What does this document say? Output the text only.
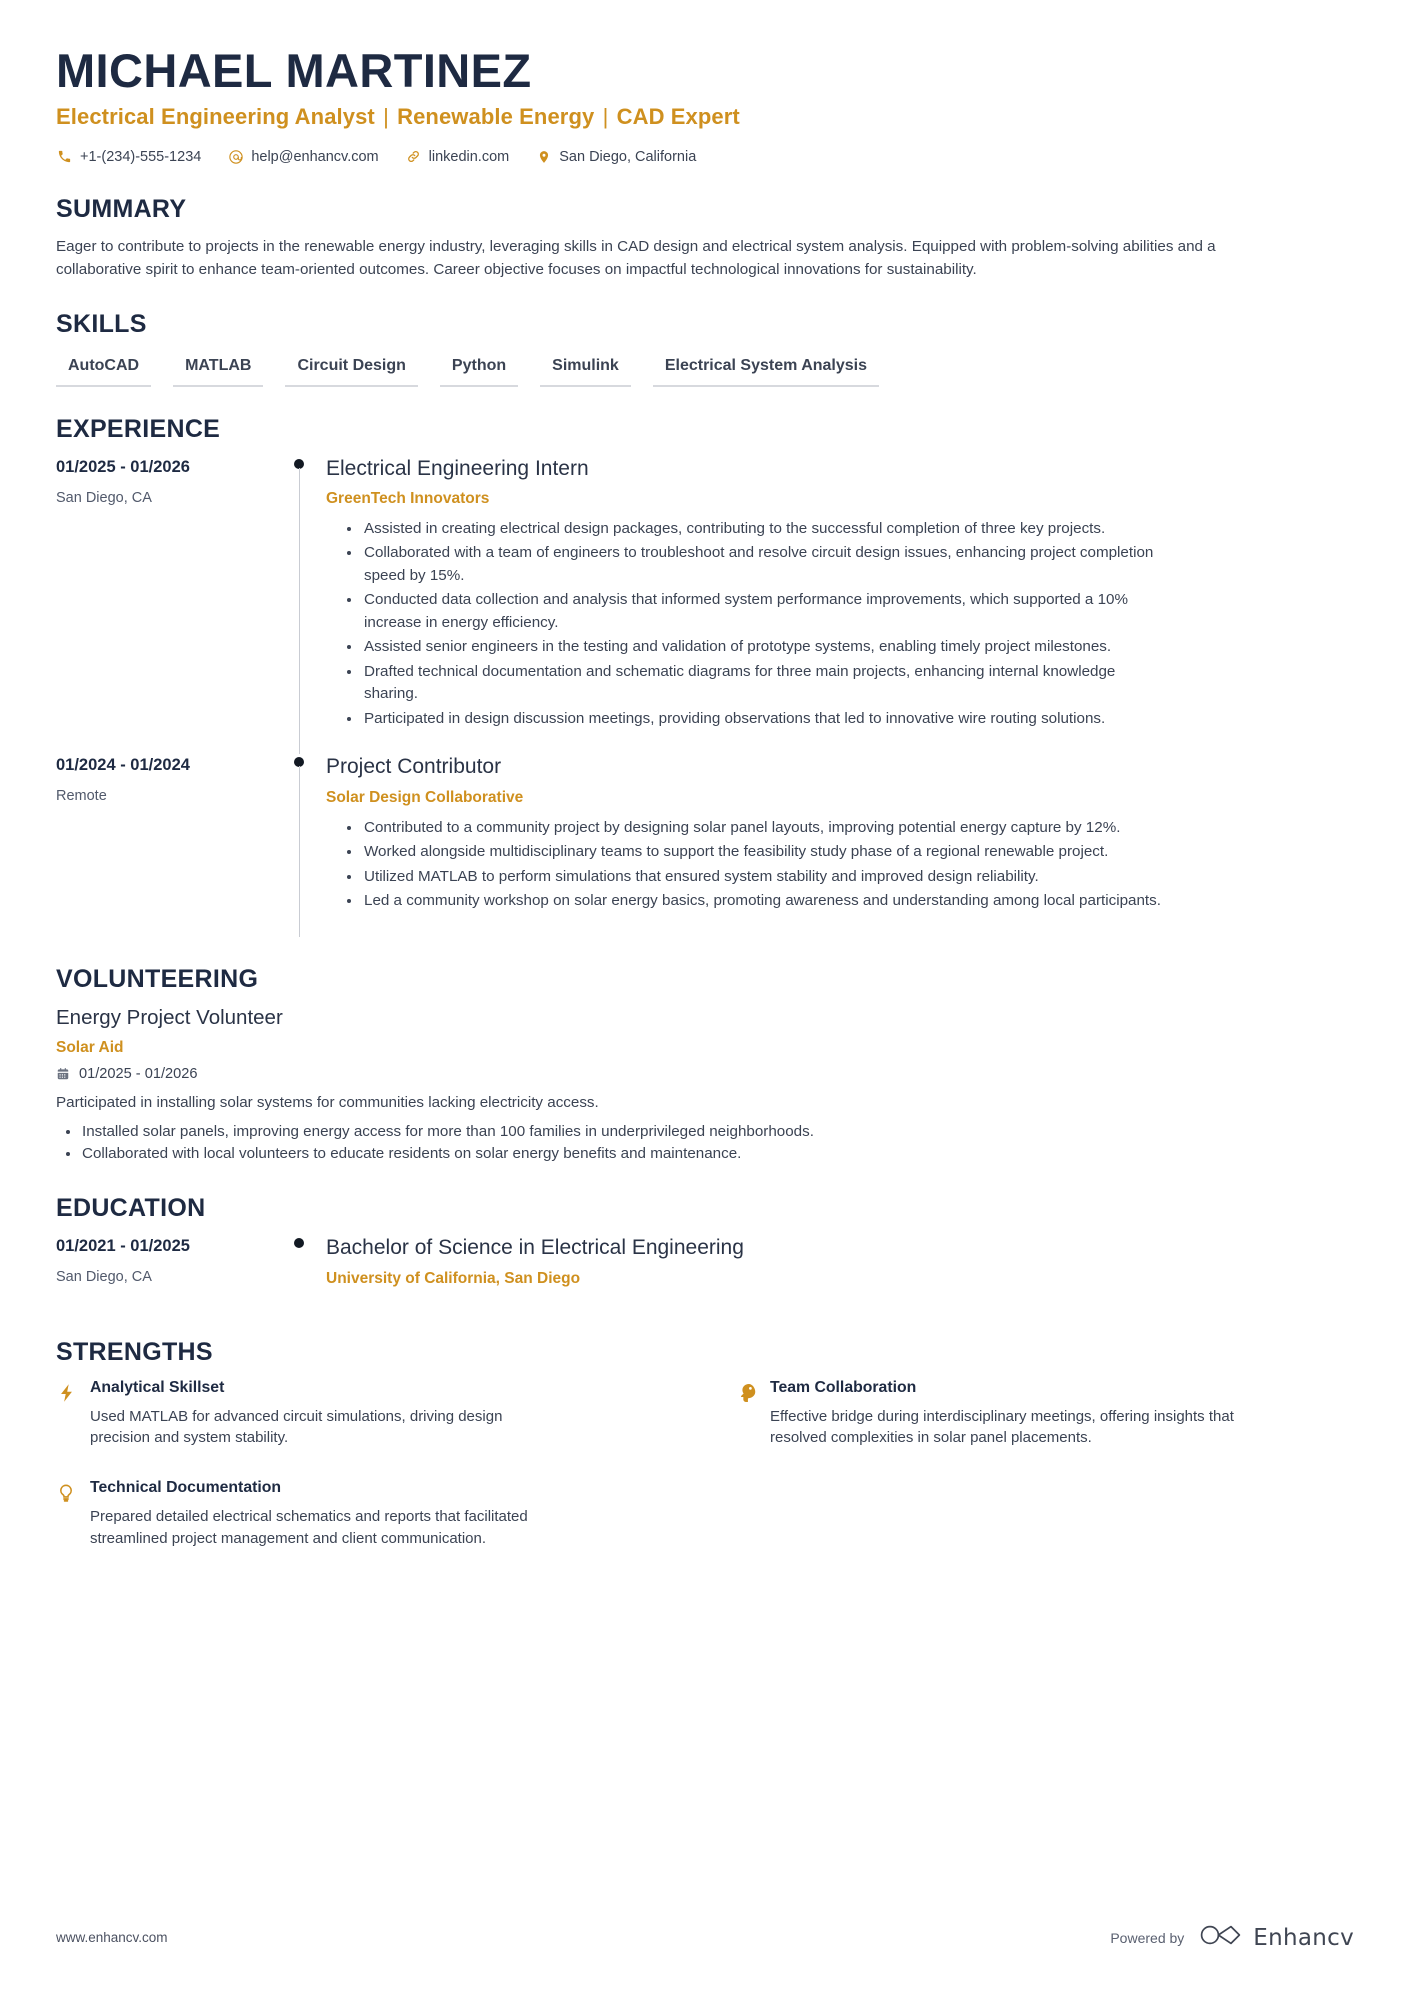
MICHAEL MARTINEZ
Electrical Engineering Analyst | Renewable Energy | CAD Expert
+1-(234)-555-1234	help@enhancv.com	linkedin.com	San Diego, California
SUMMARY

Eager to contribute to projects in the renewable energy industry, leveraging skills in CAD design and electrical system analysis. Equipped with problem-solving abilities and a collaborative spirit to enhance team-oriented outcomes. Career objective focuses on impactful technological innovations for sustainability.

SKILLS
AutoCAD	MATLAB	Circuit Design	Python	Simulink	Electrical System Analysis
EXPERIENCE
01/2025 - 01/2026
San Diego, CA
Electrical Engineering Intern
GreenTech Innovators
Assisted in creating electrical design packages, contributing to the successful completion of three key projects.
Collaborated with a team of engineers to troubleshoot and resolve circuit design issues, enhancing project completion speed by 15%.
Conducted data collection and analysis that informed system performance improvements, which supported a 10% increase in energy efficiency.
Assisted senior engineers in the testing and validation of prototype systems, enabling timely project milestones.
Drafted technical documentation and schematic diagrams for three main projects, enhancing internal knowledge sharing.
Participated in design discussion meetings, providing observations that led to innovative wire routing solutions.
01/2024 - 01/2024
Remote
Project Contributor
Solar Design Collaborative
Contributed to a community project by designing solar panel layouts, improving potential energy capture by 12%.
Worked alongside multidisciplinary teams to support the feasibility study phase of a regional renewable project.
Utilized MATLAB to perform simulations that ensured system stability and improved design reliability.
Led a community workshop on solar energy basics, promoting awareness and understanding among local participants.
VOLUNTEERING
Energy Project Volunteer
Solar Aid
01/2025 - 01/2026

Participated in installing solar systems for communities lacking electricity access.

Installed solar panels, improving energy access for more than 100 families in underprivileged neighborhoods.
Collaborated with local volunteers to educate residents on solar energy benefits and maintenance.
EDUCATION
01/2021 - 01/2025
San Diego, CA
Bachelor of Science in Electrical Engineering
University of California, San Diego
STRENGTHS
Analytical Skillset
Used MATLAB for advanced circuit simulations, driving design precision and system stability.
Team Collaboration
Effective bridge during interdisciplinary meetings, offering insights that resolved complexities in solar panel placements.
Technical Documentation
Prepared detailed electrical schematics and reports that facilitated streamlined project management and client communication.
www.enhancv.com	Powered by	Enhancv
